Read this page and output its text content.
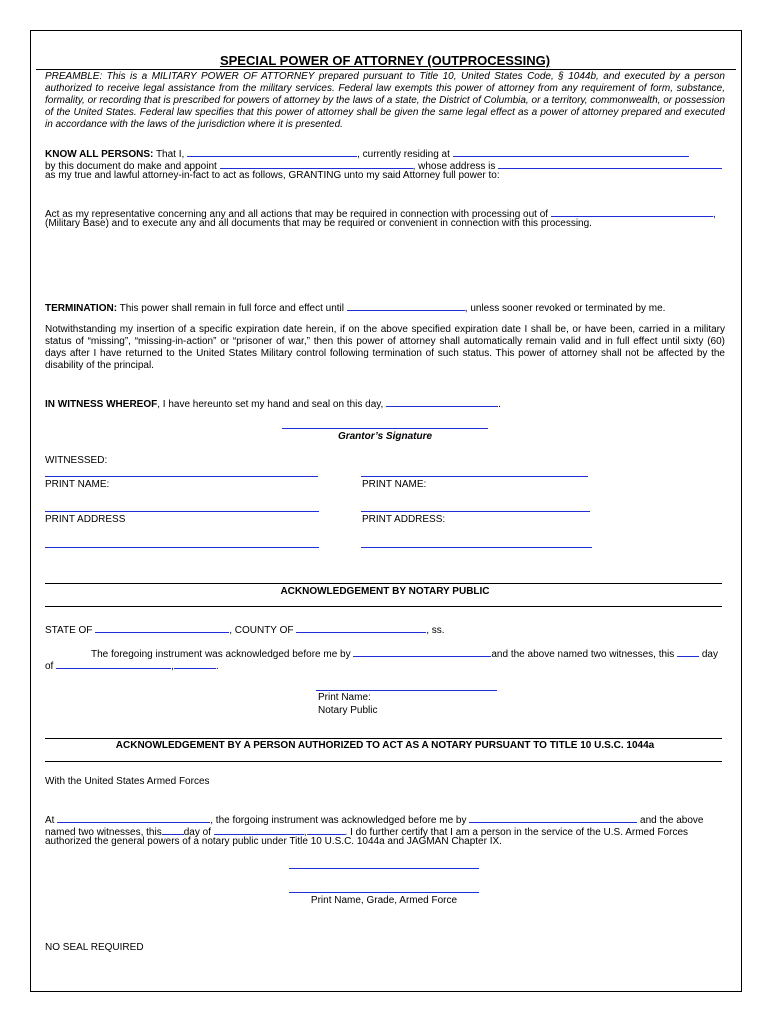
SPECIAL POWER OF ATTORNEY (OUTPROCESSING)
PREAMBLE: This is a MILITARY POWER OF ATTORNEY prepared pursuant to Title 10, United States Code, § 1044b, and executed by a person authorized to receive legal assistance from the military services. Federal law exempts this power of attorney from any requirement of form, substance, formality, or recording that is prescribed for powers of attorney by the laws of a state, the District of Columbia, or a territory, commonwealth, or possession of the United States. Federal law specifies that this power of attorney shall be given the same legal effect as a power of attorney prepared and executed in accordance with the laws of the jurisdiction where it is presented.
KNOW ALL PERSONS: That I,	, currently residing at
by this document do make and appoint	, whose address is
as my true and lawful attorney-in-fact to act as follows, GRANTING unto my said Attorney full power to:
Act as my representative concerning any and all actions that may be required in connection with processing out of	,
(Military Base) and to execute any and all documents that may be required or convenient in connection with this processing.
TERMINATION: This power shall remain in full force and effect until	, unless sooner revoked or terminated by me.
Notwithstanding my insertion of a specific expiration date herein, if on the above specified expiration date I shall be, or have been, carried in a military status of “missing”, “missing-in-action” or “prisoner of war,” then this power of attorney shall automatically remain valid and in full effect until sixty (60) days after I have returned to the United States Military control following termination of such status. This power of attorney shall not be affected by the disability of the principal.
IN WITNESS WHEREOF, I have hereunto set my hand and seal on this day,	.
Grantor’s Signature
WITNESSED:
PRINT NAME:	PRINT NAME:
PRINT ADDRESS	PRINT ADDRESS:
ACKNOWLEDGEMENT BY NOTARY PUBLIC
STATE OF	, COUNTY OF	, ss.
The foregoing instrument was acknowledged before me by	and the above named two witnesses, this  day
of	,	.
Print Name:
Notary Public
ACKNOWLEDGEMENT BY A PERSON AUTHORIZED TO ACT AS A NOTARY PURSUANT TO TITLE 10 U.S.C. 1044a
With the United States Armed Forces
At	, the forgoing instrument was acknowledged before me by	and the above
named two witnesses, this day of	,	. I do further certify that I am a person in the service of the U.S. Armed Forces
authorized the general powers of a notary public under Title 10 U.S.C. 1044a and JAGMAN Chapter IX.
Print Name, Grade, Armed Force
NO SEAL REQUIRED
